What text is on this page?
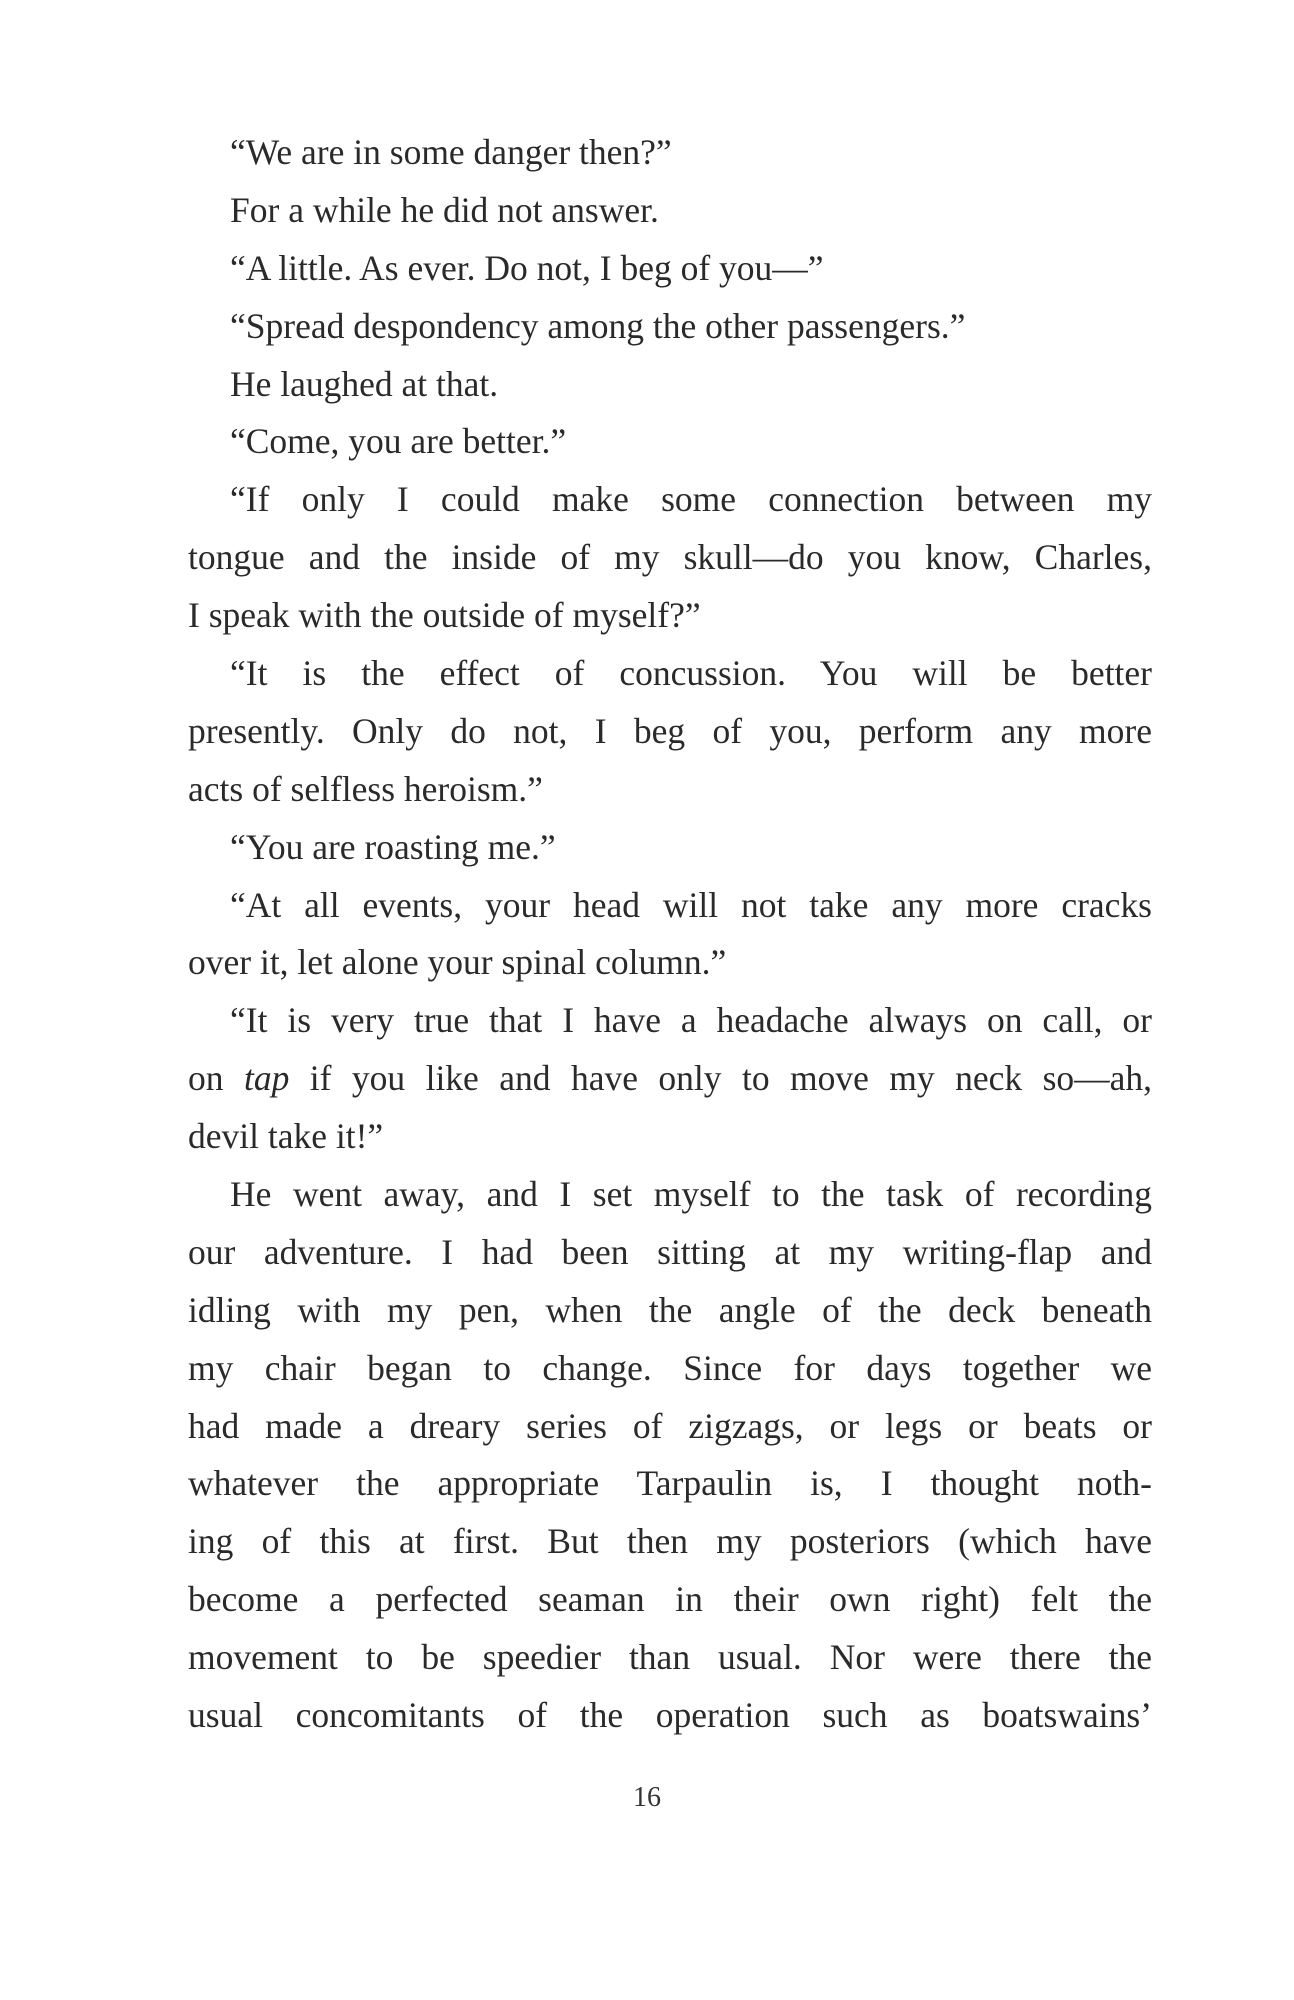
“We are in some danger then?”

For a while he did not answer.

“A little. As ever. Do not, I beg of you—”

“Spread despondency among the other passengers.”

He laughed at that.

“Come, you are better.”

“If only I could make some connection between my

tongue and the inside of my skull—do you know, Charles,

I speak with the outside of myself?”

“It is the effect of concussion. You will be better

presently. Only do not, I beg of you, perform any more

acts of selfless heroism.”

“You are roasting me.”

“At all events, your head will not take any more cracks

over it, let alone your spinal column.”

“It is very true that I have a headache always on call, or

on tap if you like and have only to move my neck so—ah,

devil take it!”

He went away, and I set myself to the task of recording

our adventure. I had been sitting at my writing-flap and

idling with my pen, when the angle of the deck beneath

my chair began to change. Since for days together we

had made a dreary series of zigzags, or legs or beats or

whatever the appropriate Tarpaulin is, I thought noth-

ing of this at first. But then my posteriors (which have

become a perfected seaman in their own right) felt the

movement to be speedier than usual. Nor were there the

usual concomitants of the operation such as boatswains’

16
